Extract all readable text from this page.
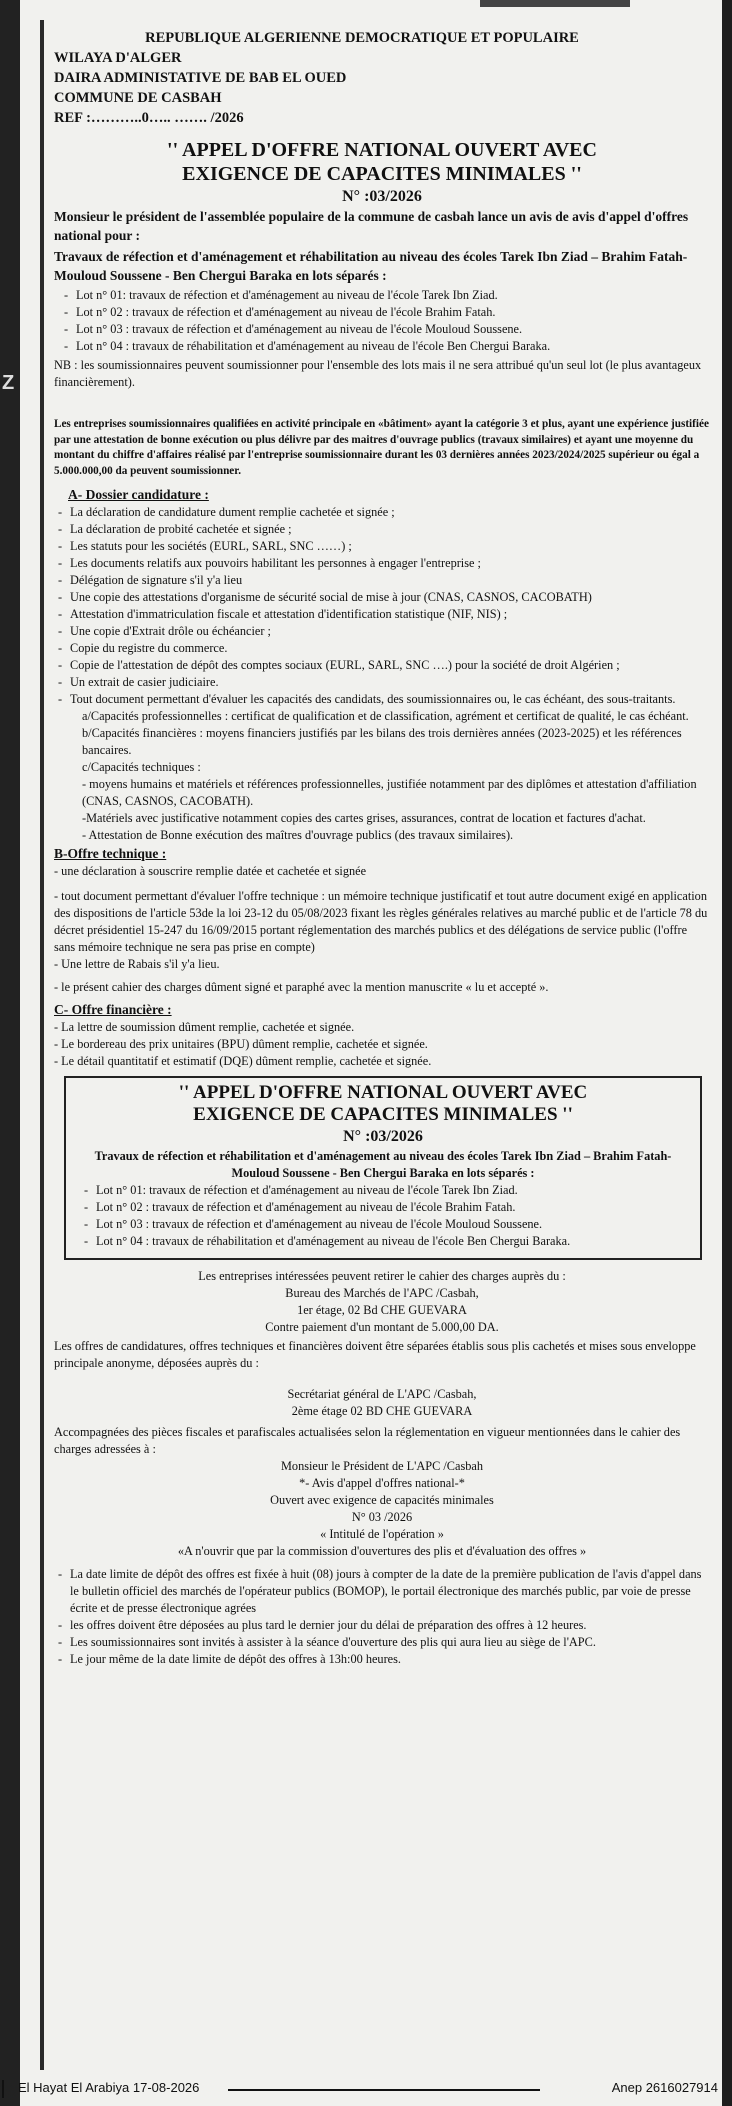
Z
REPUBLIQUE ALGERIENNE DEMOCRATIQUE ET POPULAIRE
WILAYA D'ALGER
DAIRA ADMINISTATIVE DE BAB EL OUED
COMMUNE DE CASBAH
REF :………..0….. ……. /2026
'' APPEL D'OFFRE NATIONAL OUVERT AVEC
EXIGENCE DE CAPACITES MINIMALES ''
N° :03/2026

Monsieur le président de l'assemblée populaire de la commune de casbah lance un avis de avis d'appel d'offres national pour :

Travaux de réfection et d'aménagement et réhabilitation au niveau des écoles Tarek Ibn Ziad – Brahim Fatah- Mouloud Soussene - Ben Chergui Baraka en lots séparés :

- Lot n° 01: travaux de réfection et d'aménagement au niveau de l'école Tarek Ibn Ziad.
- Lot n° 02 : travaux de réfection et d'aménagement au niveau de l'école Brahim Fatah.
- Lot n° 03 : travaux de réfection et d'aménagement au niveau de l'école Mouloud Soussene.
- Lot n° 04 : travaux de réhabilitation et d'aménagement au niveau de l'école Ben Chergui Baraka.

NB : les soumissionnaires peuvent soumissionner pour l'ensemble des lots mais il ne sera attribué qu'un seul lot (le plus avantageux financièrement).

Les entreprises soumissionnaires qualifiées en activité principale en «bâtiment» ayant la catégorie 3 et plus, ayant une expérience justifiée par une attestation de bonne exécution ou plus délivre par des maitres d'ouvrage publics (travaux similaires) et ayant une moyenne du montant du chiffre d'affaires réalisé par l'entreprise soumissionnaire durant les 03 dernières années 2023/2024/2025 supérieur ou égal a 5.000.000,00 da peuvent soumissionner.

A- Dossier candidature :
- La déclaration de candidature dument remplie cachetée et signée ;
- La déclaration de probité cachetée et signée ;
- Les statuts pour les sociétés (EURL, SARL, SNC ……) ;
- Les documents relatifs aux pouvoirs habilitant les personnes à engager l'entreprise ;
- Délégation de signature s'il y'a lieu
- Une copie des attestations d'organisme de sécurité social de mise à jour (CNAS, CASNOS, CACOBATH)
- Attestation d'immatriculation fiscale et attestation d'identification statistique (NIF, NIS) ;
- Une copie d'Extrait drôle ou échéancier ;
- Copie du registre du commerce.
- Copie de l'attestation de dépôt des comptes sociaux (EURL, SARL, SNC ….) pour la société de droit Algérien ;
- Un extrait de casier judiciaire.
- Tout document permettant d'évaluer les capacités des candidats, des soumissionnaires ou, le cas échéant, des sous-traitants.

a/Capacités professionnelles : certificat de qualification et de classification, agrément et certificat de qualité, le cas échéant.

b/Capacités financières : moyens financiers justifiés par les bilans des trois dernières années (2023-2025) et les références bancaires.

c/Capacités techniques :

- moyens humains et matériels et références professionnelles, justifiée notamment par des diplômes et attestation d'affiliation (CNAS, CASNOS, CACOBATH).

-Matériels avec justificative notamment copies des cartes grises, assurances, contrat de location et factures d'achat.

- Attestation de Bonne exécution des maîtres d'ouvrage publics (des travaux similaires).

B-Offre technique :

- une déclaration à souscrire remplie datée et cachetée et signée

- tout document permettant d'évaluer l'offre technique : un mémoire technique justificatif et tout autre document exigé en application des dispositions de l'article 53de la loi 23-12 du 05/08/2023 fixant les règles générales relatives au marché public et de l'article 78 du décret présidentiel 15-247 du 16/09/2015 portant réglementation des marchés publics et des délégations de service public (l'offre sans mémoire technique ne sera pas prise en compte)

- Une lettre de Rabais s'il y'a lieu.

- le présent cahier des charges dûment signé et paraphé avec la mention manuscrite « lu et accepté ».

C- Offre financière :

- La lettre de soumission dûment remplie, cachetée et signée.

- Le bordereau des prix unitaires (BPU) dûment remplie, cachetée et signée.

- Le détail quantitatif et estimatif (DQE) dûment remplie, cachetée et signée.

'' APPEL D'OFFRE NATIONAL OUVERT AVEC
EXIGENCE DE CAPACITES MINIMALES ''
N° :03/2026

Travaux de réfection et réhabilitation et d'aménagement au niveau des écoles Tarek Ibn Ziad – Brahim Fatah- Mouloud Soussene - Ben Chergui Baraka en lots séparés :

- Lot n° 01: travaux de réfection et d'aménagement au niveau de l'école Tarek Ibn Ziad.
- Lot n° 02 : travaux de réfection et d'aménagement au niveau de l'école Brahim Fatah.
- Lot n° 03 : travaux de réfection et d'aménagement au niveau de l'école Mouloud Soussene.
- Lot n° 04 : travaux de réhabilitation et d'aménagement au niveau de l'école Ben Chergui Baraka.

Les entreprises intéressées peuvent retirer le cahier des charges auprès du :

Bureau des Marchés de l'APC /Casbah,

1er étage, 02 Bd CHE GUEVARA

Contre paiement d'un montant de 5.000,00 DA.

Les offres de candidatures, offres techniques et financières doivent être séparées établis sous plis cachetés et mises sous enveloppe principale anonyme, déposées auprès du :

Secrétariat général de L'APC /Casbah,

2ème étage 02 BD CHE GUEVARA

Accompagnées des pièces fiscales et parafiscales actualisées selon la réglementation en vigueur mentionnées dans le cahier des charges adressées à :

Monsieur le Président de L'APC /Casbah

*- Avis d'appel d'offres national-*

Ouvert avec exigence de capacités minimales

N° 03 /2026

« Intitulé de l'opération »

«A n'ouvrir que par la commission d'ouvertures des plis et d'évaluation des offres »

- La date limite de dépôt des offres est fixée à huit (08) jours à compter de la date de la première publication de l'avis d'appel dans le bulletin officiel des marchés de l'opérateur publics (BOMOP), le portail électronique des marchés public, par voie de presse écrite et de presse électronique agrées
- les offres doivent être déposées au plus tard le dernier jour du délai de préparation des offres à 12 heures.
- Les soumissionnaires sont invités à assister à la séance d'ouverture des plis qui aura lieu au siège de l'APC.
- Le jour même de la date limite de dépôt des offres à 13h:00 heures.
El Hayat El Arabiya 17-08-2026	Anep 2616027914
